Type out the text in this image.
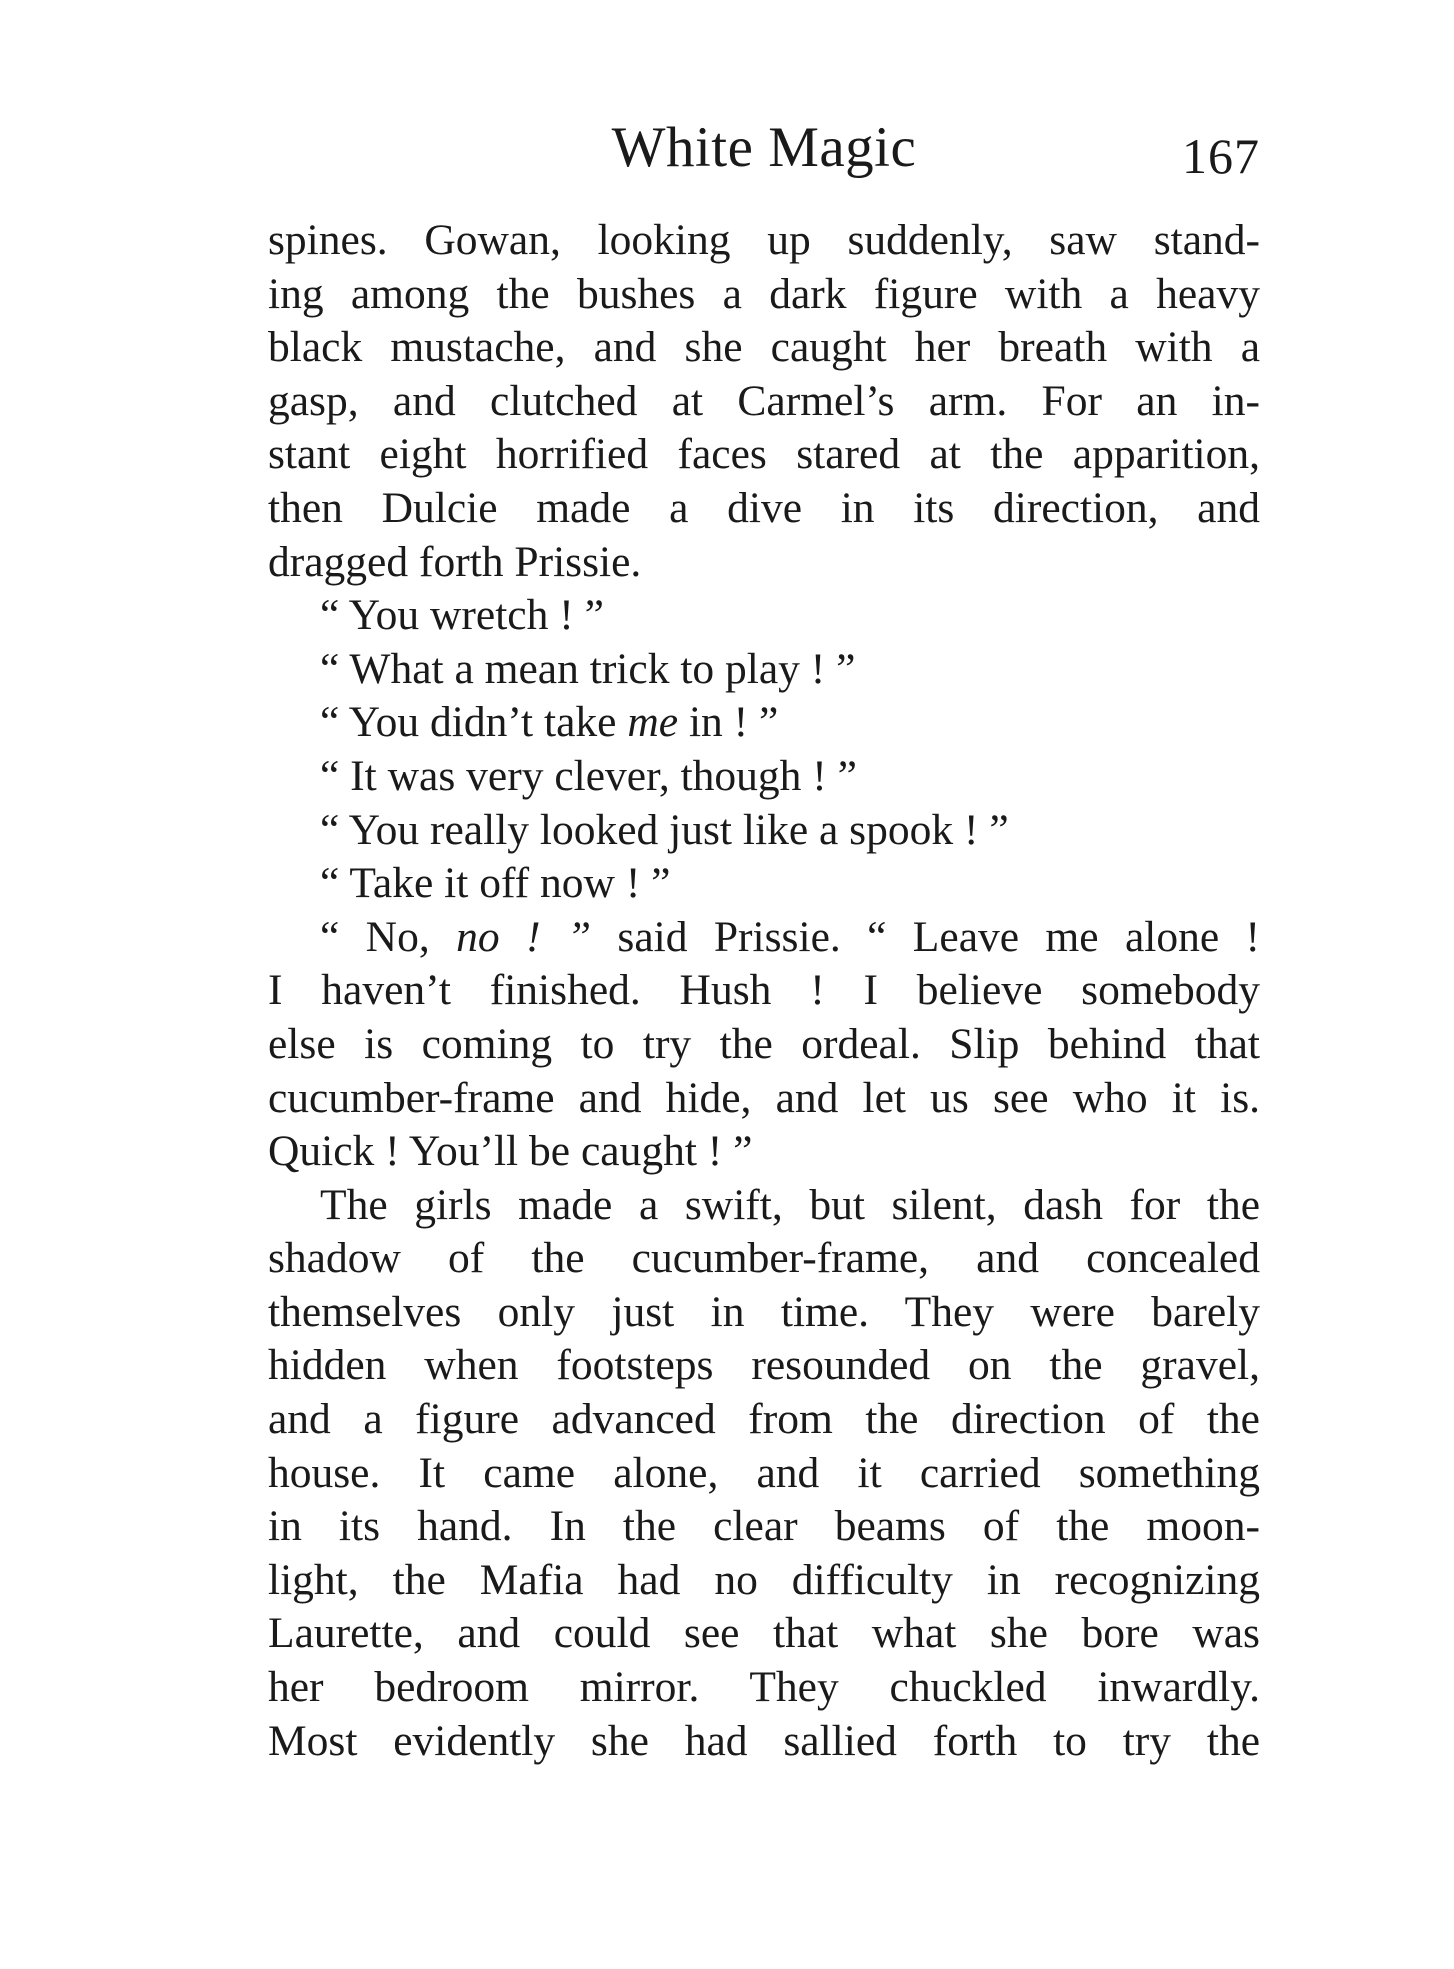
White Magic	167
spines. Gowan, looking up suddenly, saw stand-
ing among the bushes a dark figure with a heavy
black mustache, and she caught her breath with a
gasp, and clutched at Carmel’s arm. For an in-
stant eight horrified faces stared at the apparition,
then Dulcie made a dive in its direction, and
dragged forth Prissie.
“ You wretch ! ”
“ What a mean trick to play ! ”
“ You didn’t take me in ! ”
“ It was very clever, though ! ”
“ You really looked just like a spook ! ”
“ Take it off now ! ”
“ No, no ! ” said Prissie. “ Leave me alone !
I haven’t finished. Hush ! I believe somebody
else is coming to try the ordeal. Slip behind that
cucumber-frame and hide, and let us see who it is.
Quick ! You’ll be caught ! ”
The girls made a swift, but silent, dash for the
shadow of the cucumber-frame, and concealed
themselves only just in time. They were barely
hidden when footsteps resounded on the gravel,
and a figure advanced from the direction of the
house. It came alone, and it carried something
in its hand. In the clear beams of the moon-
light, the Mafia had no difficulty in recognizing
Laurette, and could see that what she bore was
her bedroom mirror. They chuckled inwardly.
Most evidently she had sallied forth to try the
